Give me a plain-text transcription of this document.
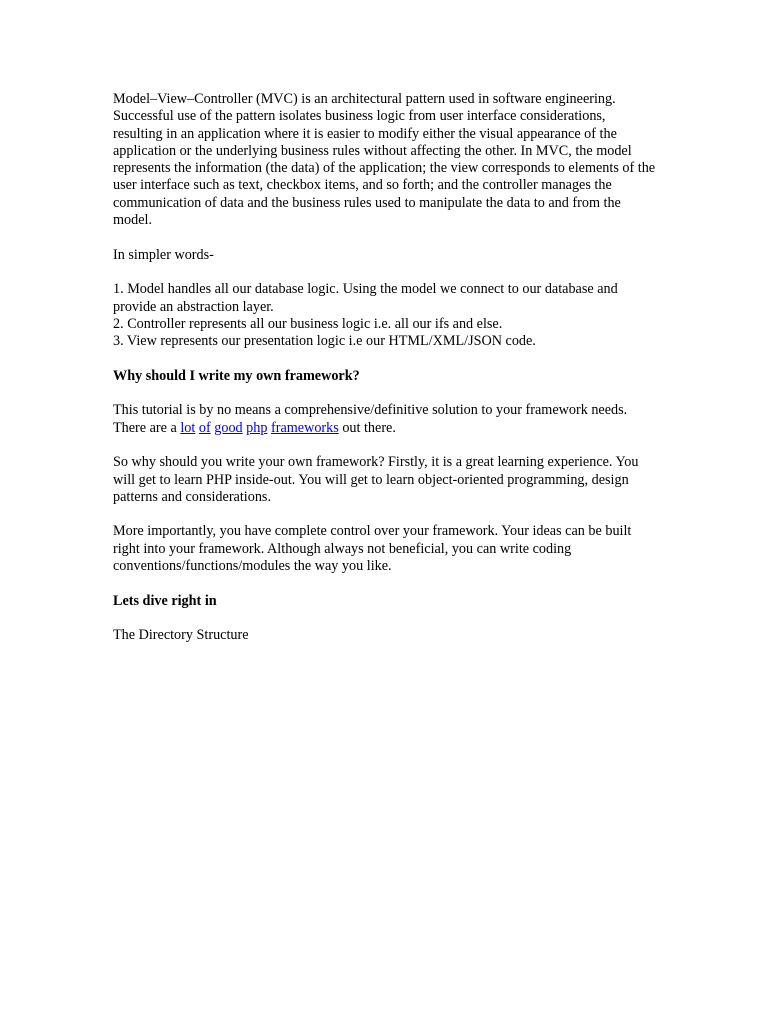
Model–View–Controller (MVC) is an architectural pattern used in software engineering. Successful use of the pattern isolates business logic from user interface considerations, resulting in an application where it is easier to modify either the visual appearance of the application or the underlying business rules without affecting the other. In MVC, the model represents the information (the data) of the application; the view corresponds to elements of the user interface such as text, checkbox items, and so forth; and the controller manages the communication of data and the business rules used to manipulate the data to and from the model.

In simpler words-

1. Model handles all our database logic. Using the model we connect to our database and provide an abstraction layer.

2. Controller represents all our business logic i.e. all our ifs and else.

3. View represents our presentation logic i.e our HTML/XML/JSON code.

Why should I write my own framework?

This tutorial is by no means a comprehensive/definitive solution to your framework needs. There are a lot of good php frameworks out there.

So why should you write your own framework? Firstly, it is a great learning experience. You will get to learn PHP inside-out. You will get to learn object-oriented programming, design patterns and considerations.

More importantly, you have complete control over your framework. Your ideas can be built right into your framework. Although always not beneficial, you can write coding conventions/functions/modules the way you like.

Lets dive right in

The Directory Structure
